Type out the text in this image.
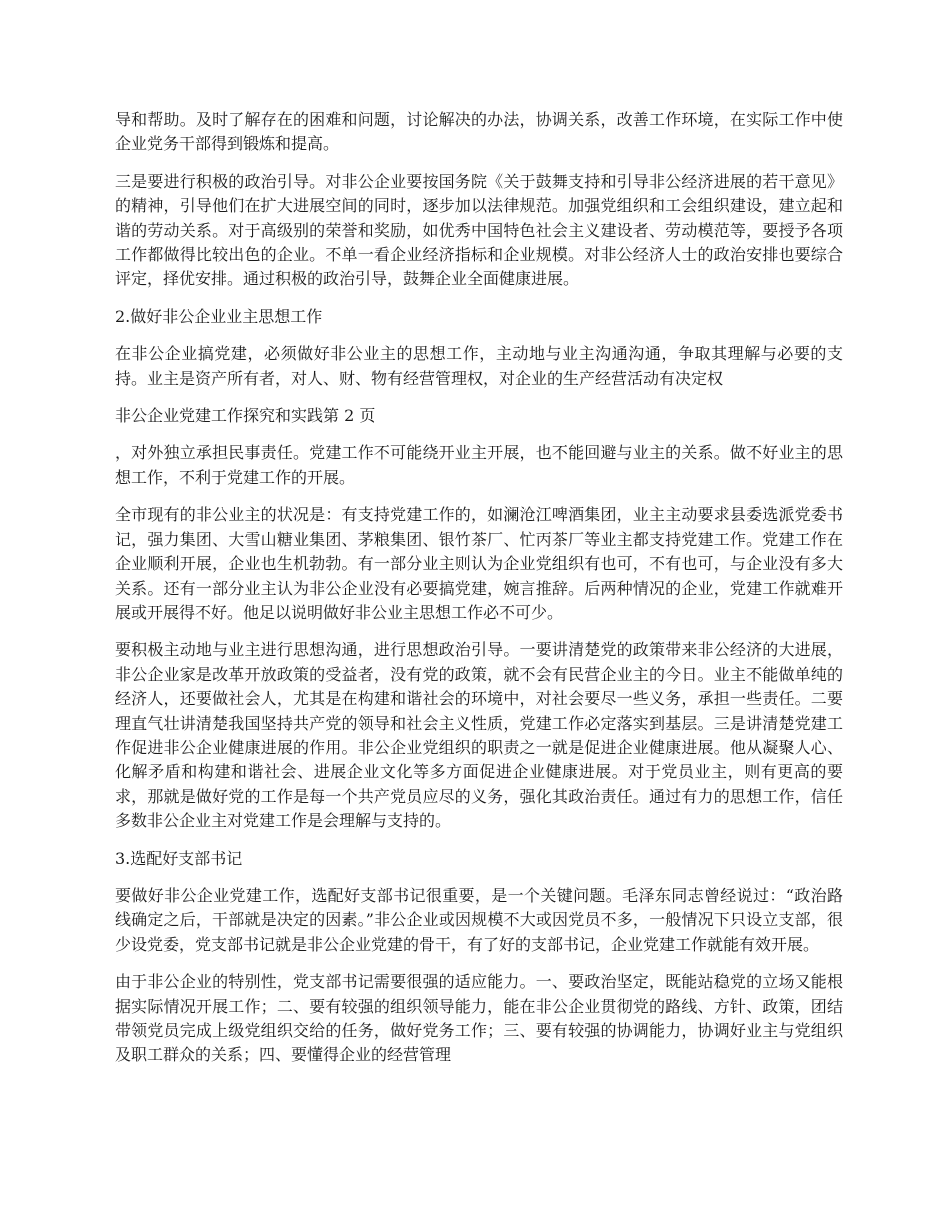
导和帮助。及时了解存在的困难和问题，讨论解决的办法，协调关系，改善工作环境，在实际工作中使企业党务干部得到锻炼和提高。

三是要进行积极的政治引导。对非公企业要按国务院《关于鼓舞支持和引导非公经济进展的若干意见》的精神，引导他们在扩大进展空间的同时，逐步加以法律规范。加强党组织和工会组织建设，建立起和谐的劳动关系。对于高级别的荣誉和奖励，如优秀中国特色社会主义建设者、劳动模范等，要授予各项工作都做得比较出色的企业。不单一看企业经济指标和企业规模。对非公经济人士的政治安排也要综合评定，择优安排。通过积极的政治引导，鼓舞企业全面健康进展。

2.做好非公企业业主思想工作

在非公企业搞党建，必须做好非公业主的思想工作，主动地与业主沟通沟通，争取其理解与必要的支持。业主是资产所有者，对人、财、物有经营管理权，对企业的生产经营活动有决定权

非公企业党建工作探究和实践第 2 页

，对外独立承担民事责任。党建工作不可能绕开业主开展，也不能回避与业主的关系。做不好业主的思想工作，不利于党建工作的开展。

全市现有的非公业主的状况是：有支持党建工作的，如澜沧江啤酒集团，业主主动要求县委选派党委书记，强力集团、大雪山糖业集团、茅粮集团、银竹茶厂、忙丙茶厂等业主都支持党建工作。党建工作在企业顺利开展，企业也生机勃勃。有一部分业主则认为企业党组织有也可，不有也可，与企业没有多大关系。还有一部分业主认为非公企业没有必要搞党建，婉言推辞。后两种情况的企业，党建工作就难开展或开展得不好。他足以说明做好非公业主思想工作必不可少。

要积极主动地与业主进行思想沟通，进行思想政治引导。一要讲清楚党的政策带来非公经济的大进展，非公企业家是改革开放政策的受益者，没有党的政策，就不会有民营企业主的今日。业主不能做单纯的经济人，还要做社会人，尤其是在构建和谐社会的环境中，对社会要尽一些义务，承担一些责任。二要理直气壮讲清楚我国坚持共产党的领导和社会主义性质，党建工作必定落实到基层。三是讲清楚党建工作促进非公企业健康进展的作用。非公企业党组织的职责之一就是促进企业健康进展。他从凝聚人心、化解矛盾和构建和谐社会、进展企业文化等多方面促进企业健康进展。对于党员业主，则有更高的要求，那就是做好党的工作是每一个共产党员应尽的义务，强化其政治责任。通过有力的思想工作，信任多数非公企业主对党建工作是会理解与支持的。

3.选配好支部书记

要做好非公企业党建工作，选配好支部书记很重要，是一个关键问题。毛泽东同志曾经说过：“政治路线确定之后，干部就是决定的因素。”非公企业或因规模不大或因党员不多，一般情况下只设立支部，很少设党委，党支部书记就是非公企业党建的骨干，有了好的支部书记，企业党建工作就能有效开展。

由于非公企业的特别性，党支部书记需要很强的适应能力。一、要政治坚定，既能站稳党的立场又能根据实际情况开展工作；二、要有较强的组织领导能力，能在非公企业贯彻党的路线、方针、政策，团结带领党员完成上级党组织交给的任务，做好党务工作；三、要有较强的协调能力，协调好业主与党组织及职工群众的关系；四、要懂得企业的经营管理
